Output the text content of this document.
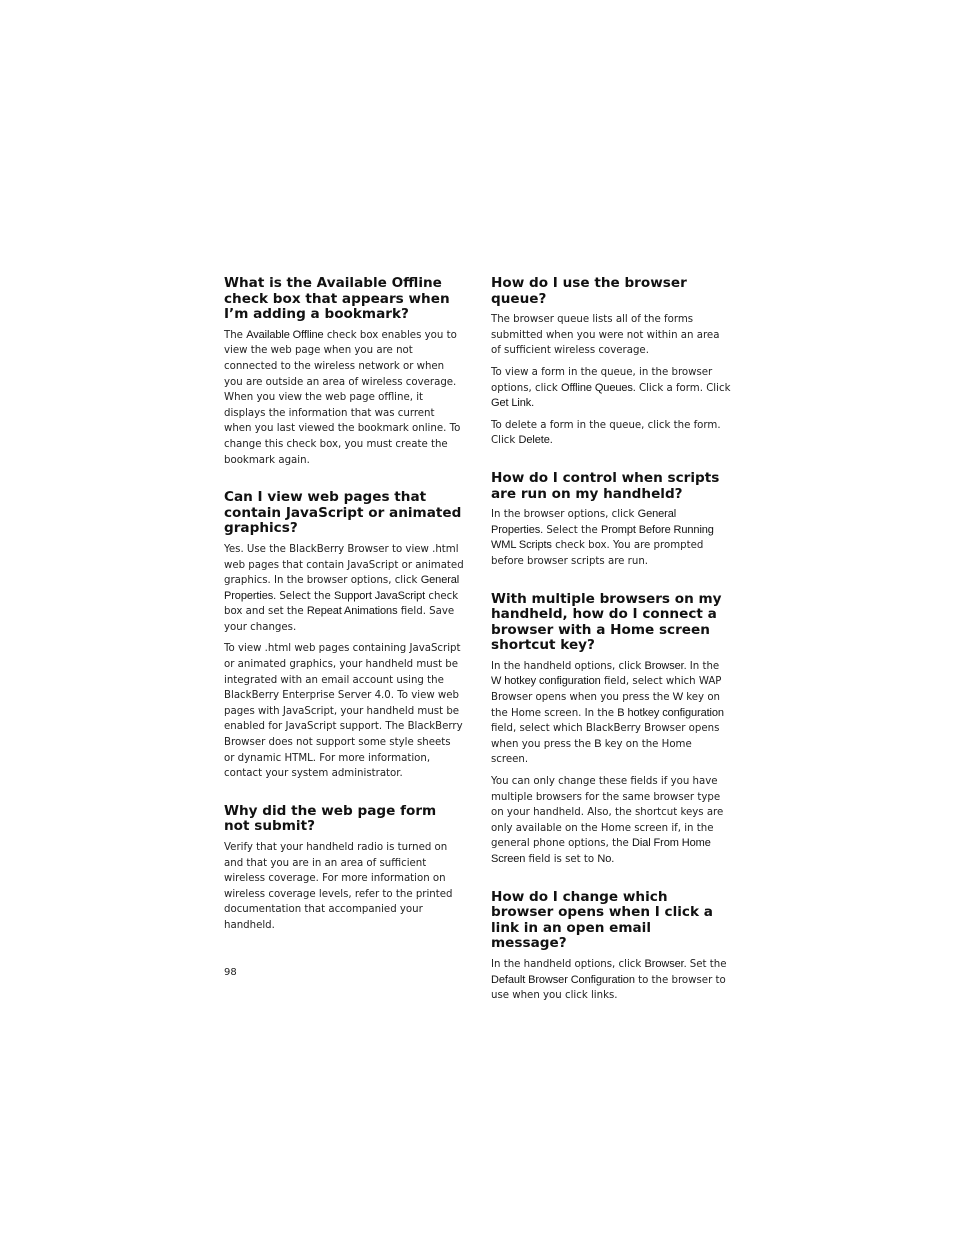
What is the Available Offline check box that appears when I’m adding a bookmark?

The Available Offline check box enables you to view the web page when you are not connected to the wireless network or when you are outside an area of wireless coverage. When you view the web page offline, it displays the information that was current when you last viewed the bookmark online. To change this check box, you must create the bookmark again.

Can I view web pages that contain JavaScript or animated graphics?

Yes. Use the BlackBerry Browser to view .html web pages that contain JavaScript or animated graphics. In the browser options, click General Properties. Select the Support JavaScript check box and set the Repeat Animations field. Save your changes.

To view .html web pages containing JavaScript or animated graphics, your handheld must be integrated with an email account using the BlackBerry Enterprise Server 4.0. To view web pages with JavaScript, your handheld must be enabled for JavaScript support. The BlackBerry Browser does not support some style sheets or dynamic HTML. For more information, contact your system administrator.

Why did the web page form not submit?

Verify that your handheld radio is turned on and that you are in an area of sufficient wireless coverage. For more information on wireless coverage levels, refer to the printed documentation that accompanied your handheld.

How do I use the browser queue?

The browser queue lists all of the forms submitted when you were not within an area of sufficient wireless coverage.

To view a form in the queue, in the browser options, click Offline Queues. Click a form. Click Get Link.

To delete a form in the queue, click the form. Click Delete.

How do I control when scripts are run on my handheld?

In the browser options, click General Properties. Select the Prompt Before Running WML Scripts check box. You are prompted before browser scripts are run.

With multiple browsers on my handheld, how do I connect a browser with a Home screen shortcut key?

In the handheld options, click Browser. In the W hotkey configuration field, select which WAP Browser opens when you press the W key on the Home screen. In the B hotkey configuration field, select which BlackBerry Browser opens when you press the B key on the Home screen.

You can only change these fields if you have multiple browsers for the same browser type on your handheld. Also, the shortcut keys are only available on the Home screen if, in the general phone options, the Dial From Home Screen field is set to No.

How do I change which browser opens when I click a link in an open email message?

In the handheld options, click Browser. Set the Default Browser Configuration to the browser to use when you click links.

98
